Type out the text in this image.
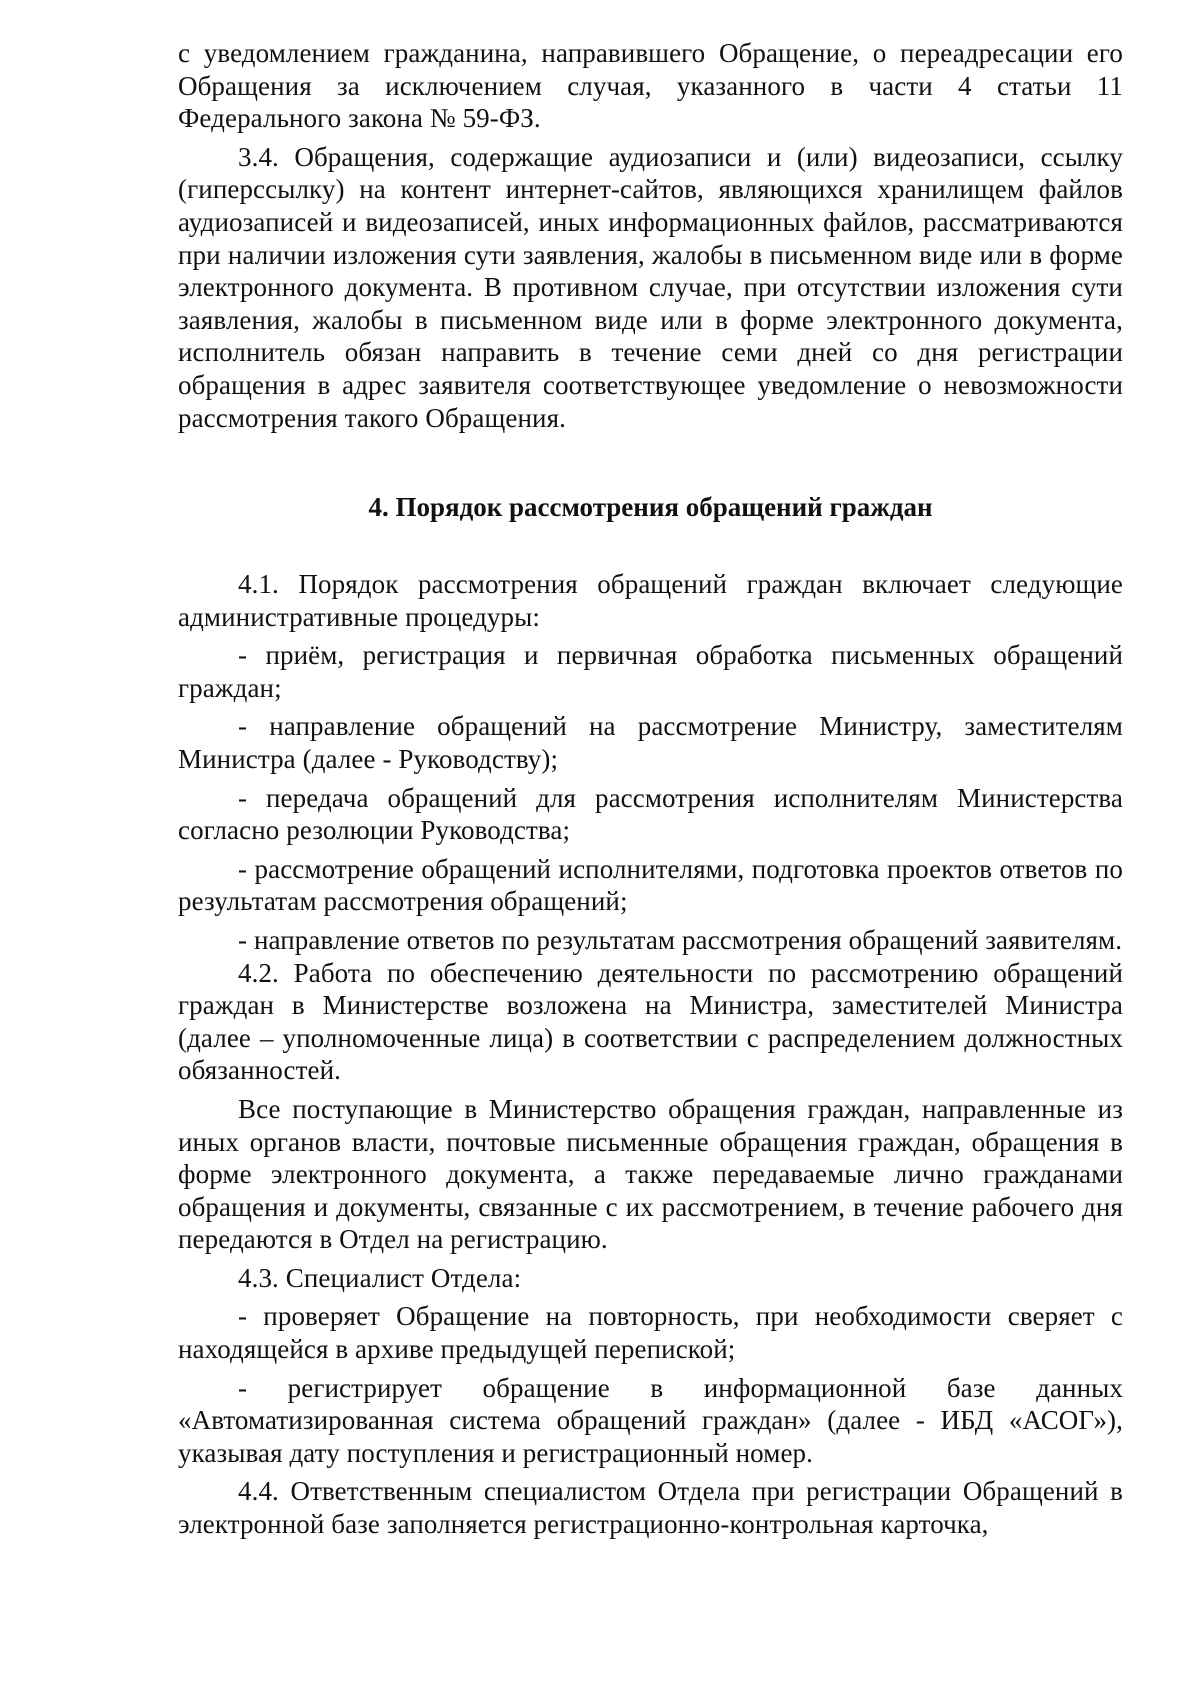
с уведомлением гражданина, направившего Обращение, о переадресации его Обращения за исключением случая, указанного в части 4 статьи 11 Федерального закона № 59-ФЗ.

3.4. Обращения, содержащие аудиозаписи и (или) видеозаписи, ссылку (гиперссылку) на контент интернет-сайтов, являющихся хранилищем файлов аудиозаписей и видеозаписей, иных информационных файлов, рассматриваются при наличии изложения сути заявления, жалобы в письменном виде или в форме электронного документа. В противном случае, при отсутствии изложения сути заявления, жалобы в письменном виде или в форме электронного документа, исполнитель обязан направить в течение семи дней со дня регистрации обращения в адрес заявителя соответствующее уведомление о невозможности рассмотрения такого Обращения.

4. Порядок рассмотрения обращений граждан

4.1. Порядок рассмотрения обращений граждан включает следующие административные процедуры:

- приём, регистрация и первичная обработка письменных обращений граждан;

- направление обращений на рассмотрение Министру, заместителям Министра (далее - Руководству);

- передача обращений для рассмотрения исполнителям Министерства согласно резолюции Руководства;

- рассмотрение обращений исполнителями, подготовка проектов ответов по результатам рассмотрения обращений;

- направление ответов по результатам рассмотрения обращений заявителям.

4.2. Работа по обеспечению деятельности по рассмотрению обращений граждан в Министерстве возложена на Министра, заместителей Министра (далее – уполномоченные лица) в соответствии с распределением должностных обязанностей.

Все поступающие в Министерство обращения граждан, направленные из иных органов власти, почтовые письменные обращения граждан, обращения в форме электронного документа, а также передаваемые лично гражданами обращения и документы, связанные с их рассмотрением, в течение рабочего дня передаются в Отдел на регистрацию.

4.3. Специалист Отдела:

- проверяет Обращение на повторность, при необходимости сверяет с находящейся в архиве предыдущей перепиской;

- регистрирует обращение в информационной базе данных «Автоматизированная система обращений граждан» (далее - ИБД «АСОГ»), указывая дату поступления и регистрационный номер.

4.4. Ответственным специалистом Отдела при регистрации Обращений в электронной базе заполняется регистрационно-контрольная карточка,
